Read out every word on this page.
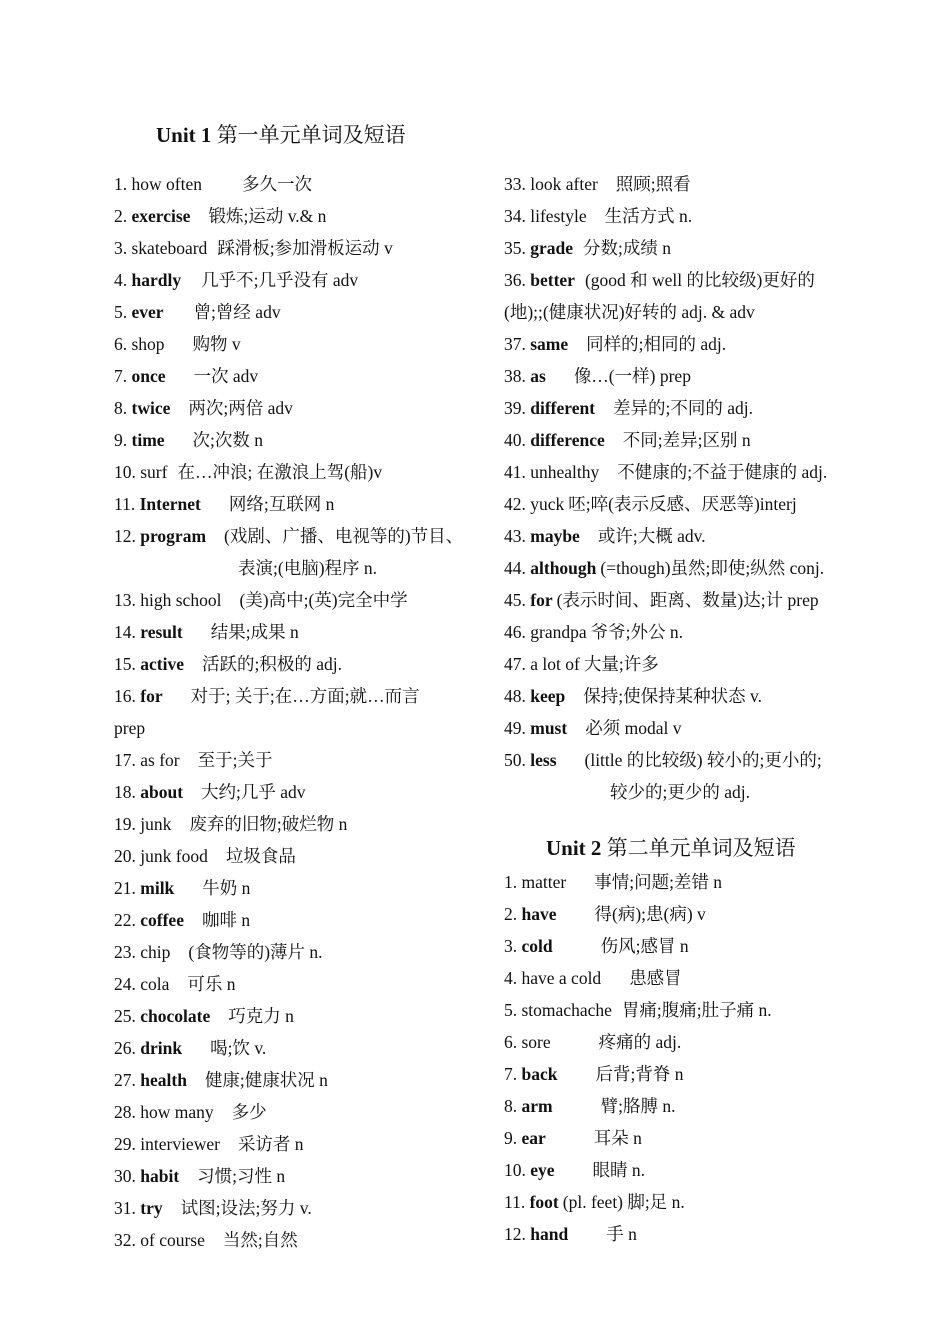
Unit 1 第一单元单词及短语
1. how often 多久一次
2. exercise 锻炼;运动 v.& n
3. skateboard 踩滑板;参加滑板运动 v
4. hardly 几乎不;几乎没有 adv
5. ever 曾;曾经 adv
6. shop 购物 v
7. once 一次 adv
8. twice 两次;两倍 adv
9. time 次;次数 n
10. surf 在…冲浪; 在激浪上驾(船)v
11. Internet 网络;互联网 n
12. program (戏剧、广播、电视等的)节目、
表演;(电脑)程序 n.
13. high school (美)高中;(英)完全中学
14. result 结果;成果 n
15. active 活跃的;积极的 adj.
16. for 对于; 关于;在…方面;就…而言
prep
17. as for 至于;关于
18. about 大约;几乎 adv
19. junk 废弃的旧物;破烂物 n
20. junk food 垃圾食品
21. milk 牛奶 n
22. coffee 咖啡 n
23. chip (食物等的)薄片 n.
24. cola 可乐 n
25. chocolate 巧克力 n
26. drink 喝;饮 v.
27. health 健康;健康状况 n
28. how many 多少
29. interviewer 采访者 n
30. habit 习惯;习性 n
31. try 试图;设法;努力 v.
32. of course 当然;自然
33. look after 照顾;照看
34. lifestyle 生活方式 n.
35. grade 分数;成绩 n
36. better (good 和 well 的比较级)更好的
(地);;(健康状况)好转的 adj. & adv
37. same 同样的;相同的 adj.
38. as 像…(一样) prep
39. different 差异的;不同的 adj.
40. difference 不同;差异;区别 n
41. unhealthy 不健康的;不益于健康的 adj.
42. yuck 呸;啐(表示反感、厌恶等)interj
43. maybe 或许;大概 adv.
44. although (=though)虽然;即使;纵然 conj.
45. for (表示时间、距离、数量)达;计 prep
46. grandpa 爷爷;外公 n.
47. a lot of 大量;许多
48. keep 保持;使保持某种状态 v.
49. must 必须 modal v
50. less (little 的比较级) 较小的;更小的;
较少的;更少的 adj.
Unit 2 第二单元单词及短语
1. matter 事情;问题;差错 n
2. have 得(病);患(病) v
3. cold	伤风;感冒 n
4. have a cold 患感冒
5. stomachache 胃痛;腹痛;肚子痛 n.
6. sore	疼痛的 adj.
7. back 后背;背脊 n
8. arm	臂;胳膊 n.
9. ear	耳朵 n
10. eye 眼睛 n.
11. foot (pl. feet) 脚;足 n.
12. hand 手 n
